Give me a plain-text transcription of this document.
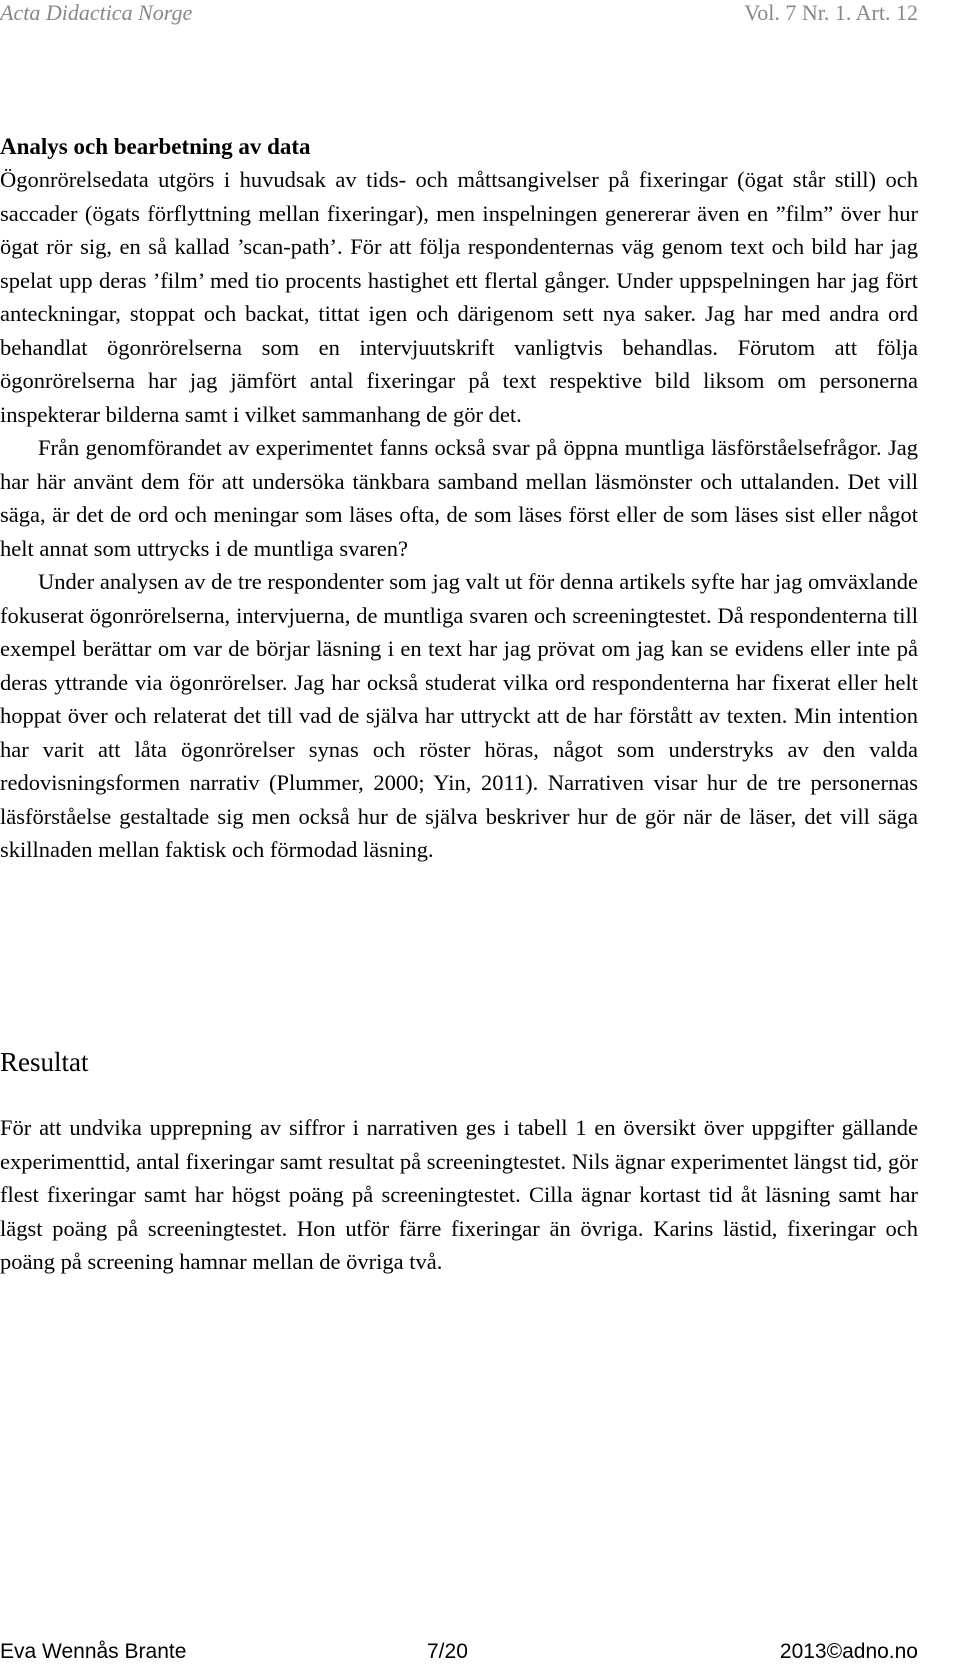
Acta Didactica Norge	Vol. 7 Nr. 1. Art. 12
Analys och bearbetning av data

Ögonrörelsedata utgörs i huvudsak av tids- och måttsangivelser på fixeringar (ögat står still) och saccader (ögats förflyttning mellan fixeringar), men inspelningen genererar även en ”film” över hur ögat rör sig, en så kallad ’scan-path’. För att följa respondenternas väg genom text och bild har jag spelat upp deras ’film’ med tio procents hastighet ett flertal gånger. Under uppspelningen har jag fört anteckningar, stoppat och backat, tittat igen och därigenom sett nya saker. Jag har med andra ord behandlat ögonrörelserna som en intervjuutskrift vanligtvis behandlas. Förutom att följa ögonrörelserna har jag jämfört antal fixeringar på text respektive bild liksom om personerna inspekterar bilderna samt i vilket sammanhang de gör det.

Från genomförandet av experimentet fanns också svar på öppna muntliga läsförståelsefrågor. Jag har här använt dem för att undersöka tänkbara samband mellan läsmönster och uttalanden. Det vill säga, är det de ord och meningar som läses ofta, de som läses först eller de som läses sist eller något helt annat som uttrycks i de muntliga svaren?

Under analysen av de tre respondenter som jag valt ut för denna artikels syfte har jag omväxlande fokuserat ögonrörelserna, intervjuerna, de muntliga svaren och screeningtestet. Då respondenterna till exempel berättar om var de börjar läsning i en text har jag prövat om jag kan se evidens eller inte på deras yttrande via ögonrörelser. Jag har också studerat vilka ord respondenterna har fixerat eller helt hoppat över och relaterat det till vad de själva har uttryckt att de har förstått av texten. Min intention har varit att låta ögonrörelser synas och röster höras, något som understryks av den valda redovisningsformen narrativ (Plummer, 2000; Yin, 2011). Narrativen visar hur de tre personernas läsförståelse gestaltade sig men också hur de själva beskriver hur de gör när de läser, det vill säga skillnaden mellan faktisk och förmodad läsning.

Resultat

För att undvika upprepning av siffror i narrativen ges i tabell 1 en översikt över uppgifter gällande experimenttid, antal fixeringar samt resultat på screeningtestet. Nils ägnar experimentet längst tid, gör flest fixeringar samt har högst poäng på screeningtestet. Cilla ägnar kortast tid åt läsning samt har lägst poäng på screeningtestet. Hon utför färre fixeringar än övriga. Karins lästid, fixeringar och poäng på screening hamnar mellan de övriga två.

Eva Wennås Brante	7/20	2013©adno.no
